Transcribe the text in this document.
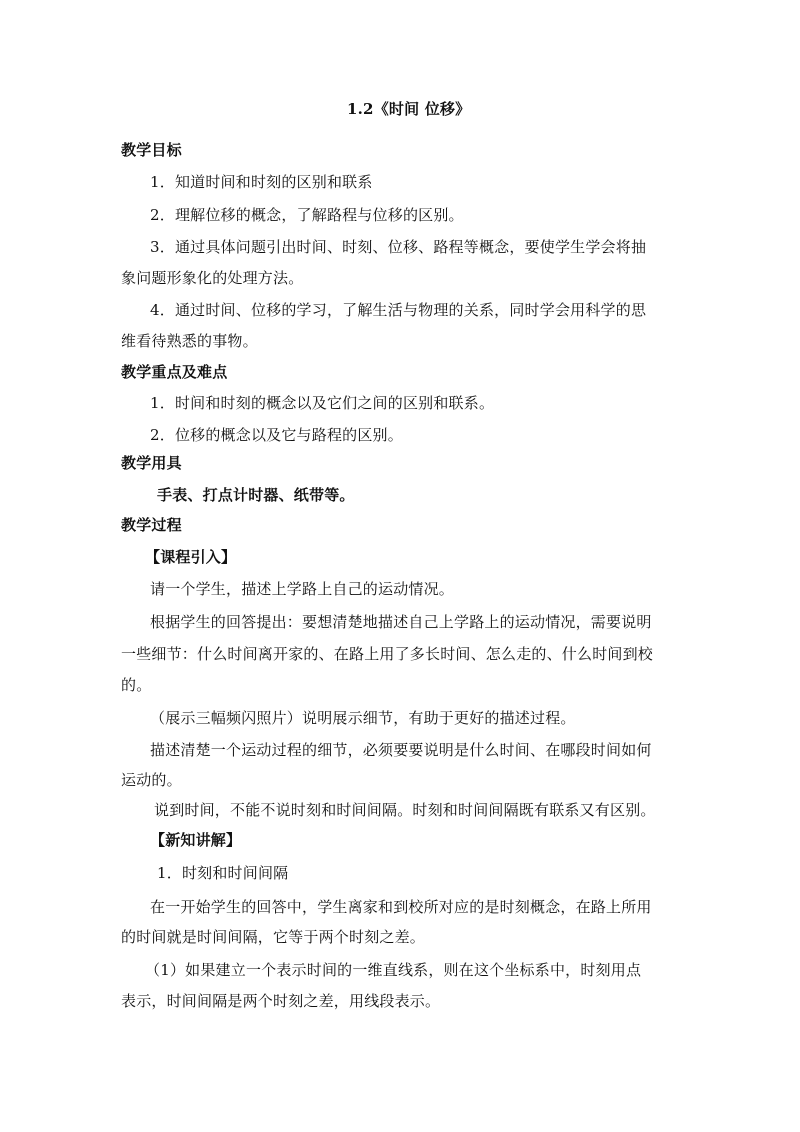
1.2《时间 位移》
教学目标
1．知道时间和时刻的区别和联系
2．理解位移的概念，了解路程与位移的区别。
3．通过具体问题引出时间、时刻、位移、路程等概念，要使学生学会将抽
象问题形象化的处理方法。
4．通过时间、位移的学习，了解生活与物理的关系，同时学会用科学的思
维看待熟悉的事物。
教学重点及难点
1．时间和时刻的概念以及它们之间的区别和联系。
2．位移的概念以及它与路程的区别。
教学用具
手表、打点计时器、纸带等。
教学过程
【课程引入】
请一个学生，描述上学路上自己的运动情况。
根据学生的回答提出：要想清楚地描述自己上学路上的运动情况，需要说明
一些细节：什么时间离开家的、在路上用了多长时间、怎么走的、什么时间到校
的。
（展示三幅频闪照片）说明展示细节，有助于更好的描述过程。
描述清楚一个运动过程的细节，必须要要说明是什么时间、在哪段时间如何
运动的。
说到时间，不能不说时刻和时间间隔。时刻和时间间隔既有联系又有区别。
【新知讲解】
1．时刻和时间间隔
在一开始学生的回答中，学生离家和到校所对应的是时刻概念，在路上所用
的时间就是时间间隔，它等于两个时刻之差。
（1）如果建立一个表示时间的一维直线系，则在这个坐标系中，时刻用点
表示，时间间隔是两个时刻之差，用线段表示。
